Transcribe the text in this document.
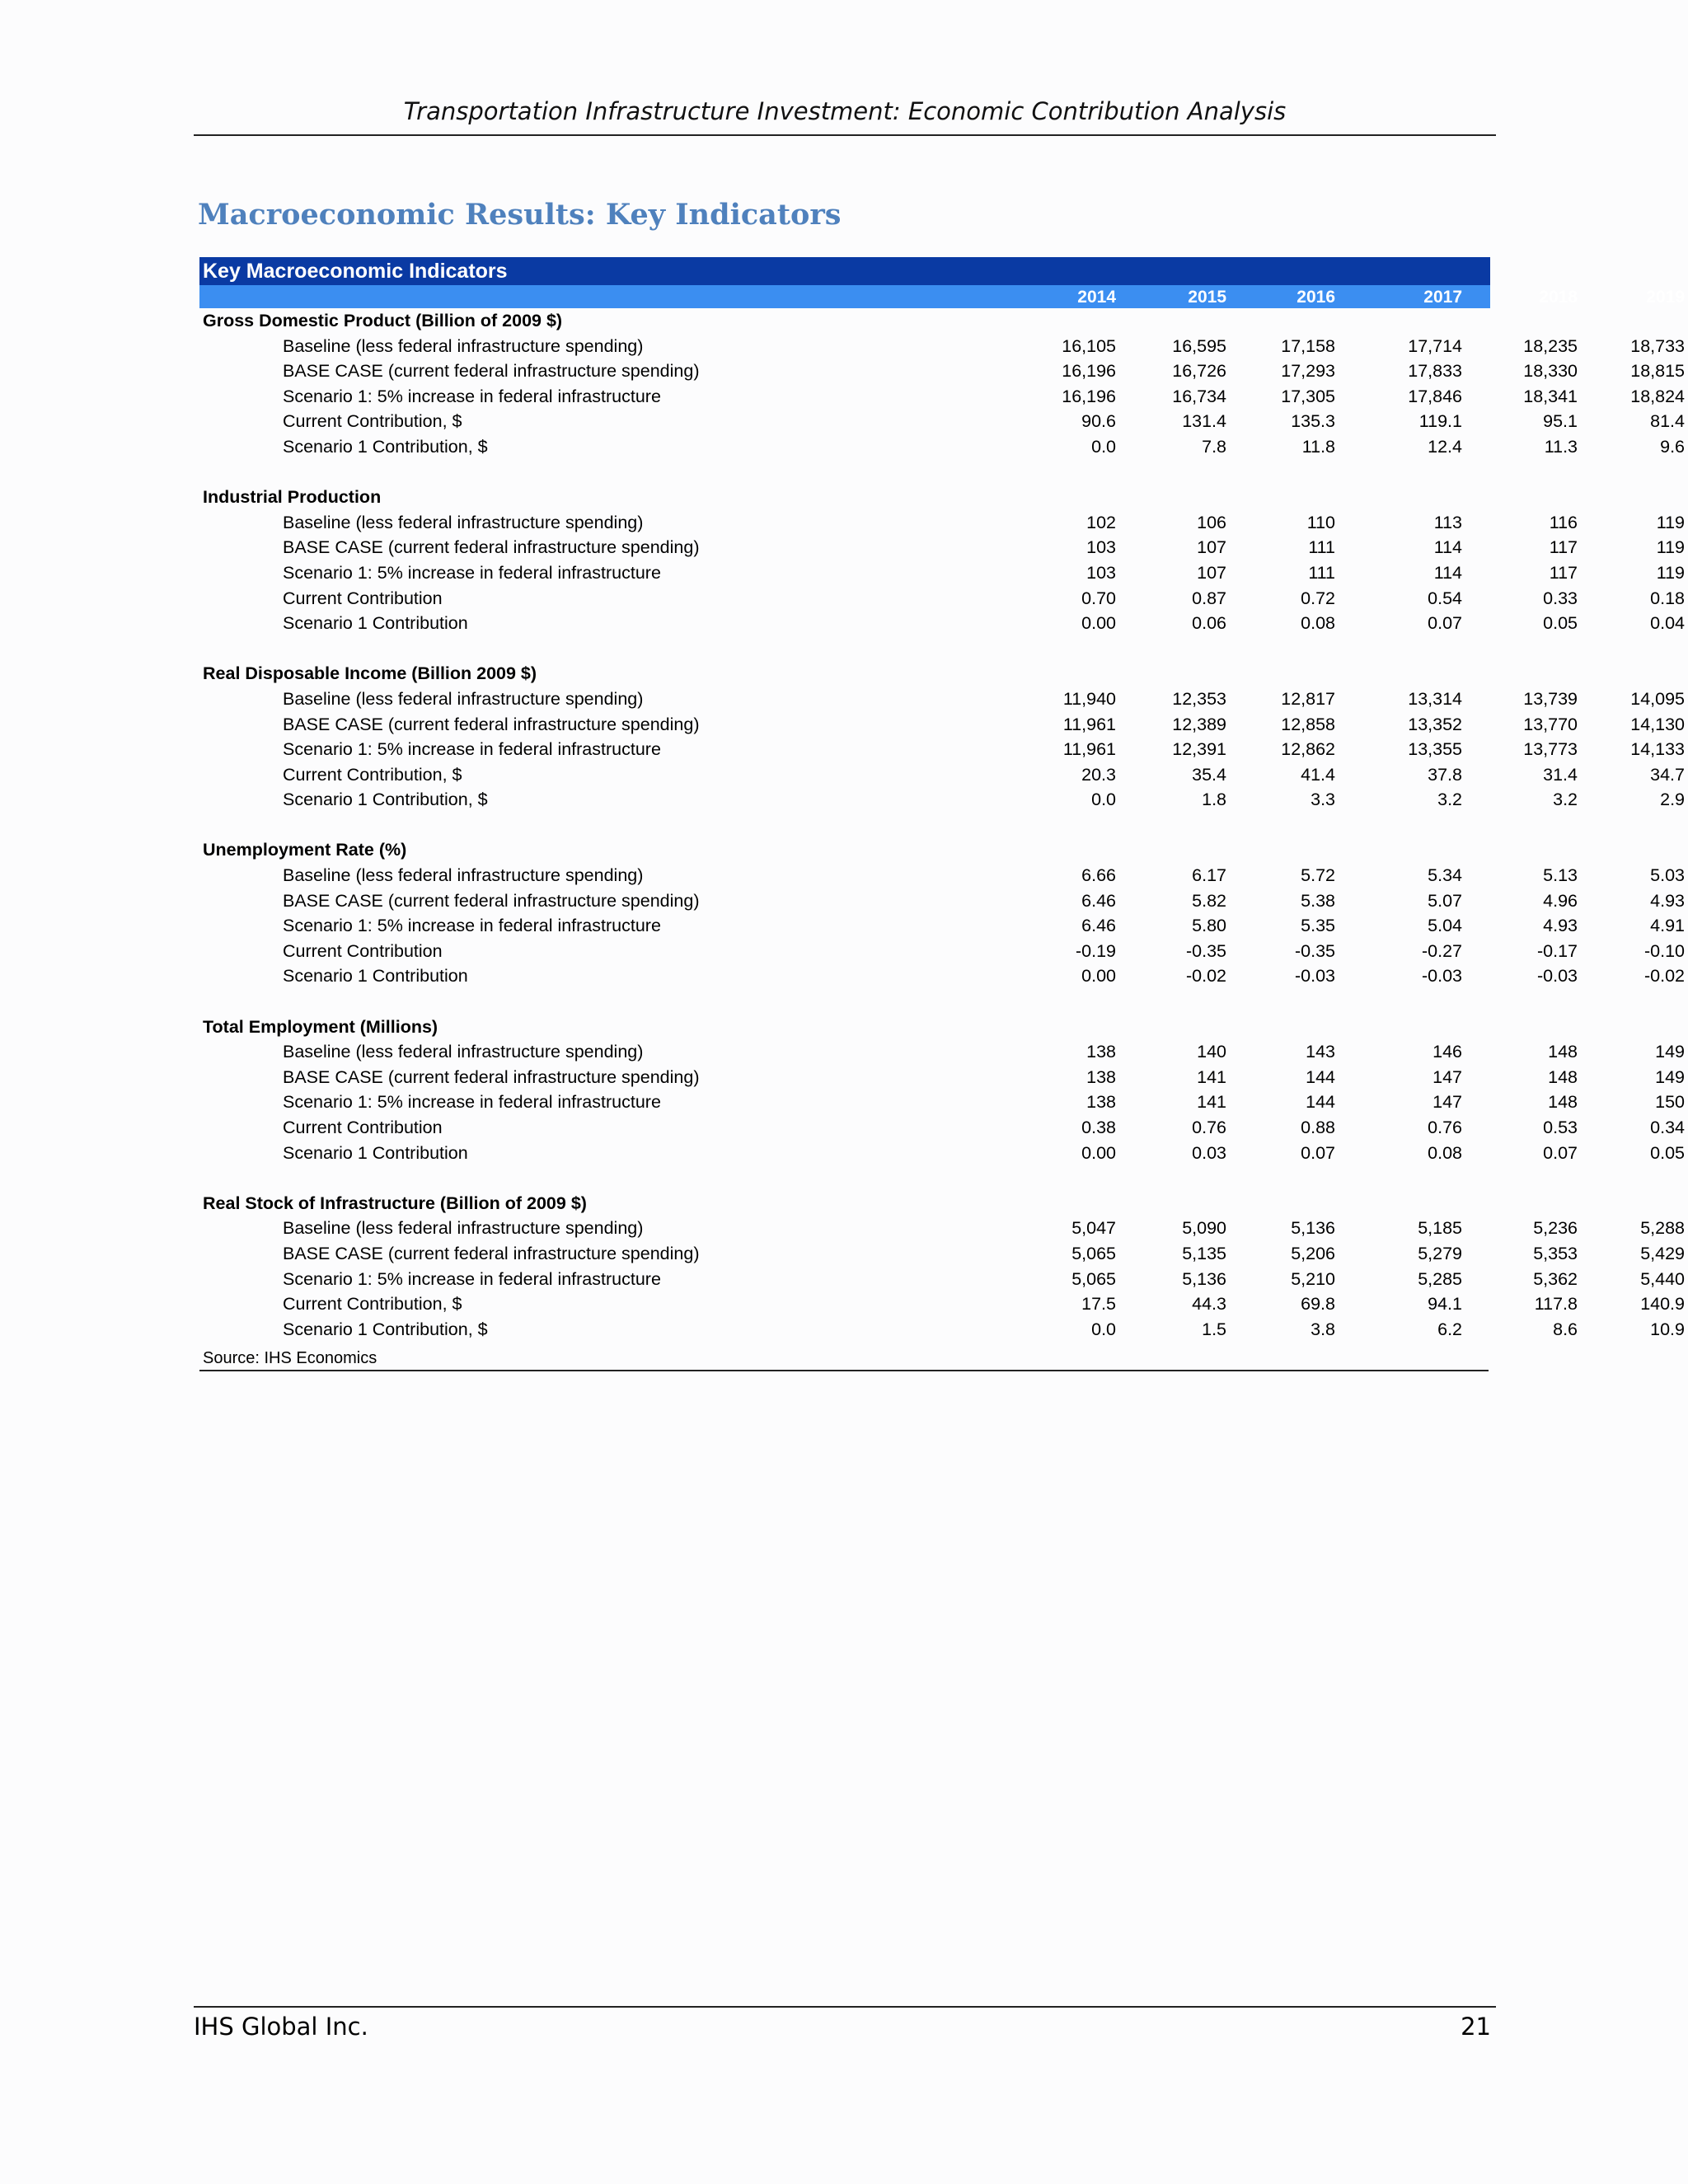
Transportation Infrastructure Investment: Economic Contribution Analysis
Macroeconomic Results: Key Indicators
Key Macroeconomic Indicators
2014	2015	2016	2017	2018	2019
Gross Domestic Product (Billion of 2009 $)
Baseline (less federal infrastructure spending)	16,105	16,595	17,158	17,714	18,235	18,733
BASE CASE (current federal infrastructure spending)	16,196	16,726	17,293	17,833	18,330	18,815
Scenario 1: 5% increase in federal infrastructure	16,196	16,734	17,305	17,846	18,341	18,824
Current Contribution, $	90.6	131.4	135.3	119.1	95.1	81.4
Scenario 1 Contribution, $	0.0	7.8	11.8	12.4	11.3	9.6
Industrial Production
Baseline (less federal infrastructure spending)	102	106	110	113	116	119
BASE CASE (current federal infrastructure spending)	103	107	111	114	117	119
Scenario 1: 5% increase in federal infrastructure	103	107	111	114	117	119
Current Contribution	0.70	0.87	0.72	0.54	0.33	0.18
Scenario 1 Contribution	0.00	0.06	0.08	0.07	0.05	0.04
Real Disposable Income (Billion 2009 $)
Baseline (less federal infrastructure spending)	11,940	12,353	12,817	13,314	13,739	14,095
BASE CASE (current federal infrastructure spending)	11,961	12,389	12,858	13,352	13,770	14,130
Scenario 1: 5% increase in federal infrastructure	11,961	12,391	12,862	13,355	13,773	14,133
Current Contribution, $	20.3	35.4	41.4	37.8	31.4	34.7
Scenario 1 Contribution, $	0.0	1.8	3.3	3.2	3.2	2.9
Unemployment Rate (%)
Baseline (less federal infrastructure spending)	6.66	6.17	5.72	5.34	5.13	5.03
BASE CASE (current federal infrastructure spending)	6.46	5.82	5.38	5.07	4.96	4.93
Scenario 1: 5% increase in federal infrastructure	6.46	5.80	5.35	5.04	4.93	4.91
Current Contribution	-0.19	-0.35	-0.35	-0.27	-0.17	-0.10
Scenario 1 Contribution	0.00	-0.02	-0.03	-0.03	-0.03	-0.02
Total Employment (Millions)
Baseline (less federal infrastructure spending)	138	140	143	146	148	149
BASE CASE (current federal infrastructure spending)	138	141	144	147	148	149
Scenario 1: 5% increase in federal infrastructure	138	141	144	147	148	150
Current Contribution	0.38	0.76	0.88	0.76	0.53	0.34
Scenario 1 Contribution	0.00	0.03	0.07	0.08	0.07	0.05
Real Stock of Infrastructure (Billion of 2009 $)
Baseline (less federal infrastructure spending)	5,047	5,090	5,136	5,185	5,236	5,288
BASE CASE (current federal infrastructure spending)	5,065	5,135	5,206	5,279	5,353	5,429
Scenario 1: 5% increase in federal infrastructure	5,065	5,136	5,210	5,285	5,362	5,440
Current Contribution, $	17.5	44.3	69.8	94.1	117.8	140.9
Scenario 1 Contribution, $	0.0	1.5	3.8	6.2	8.6	10.9
Source: IHS Economics
IHS Global Inc.	21
